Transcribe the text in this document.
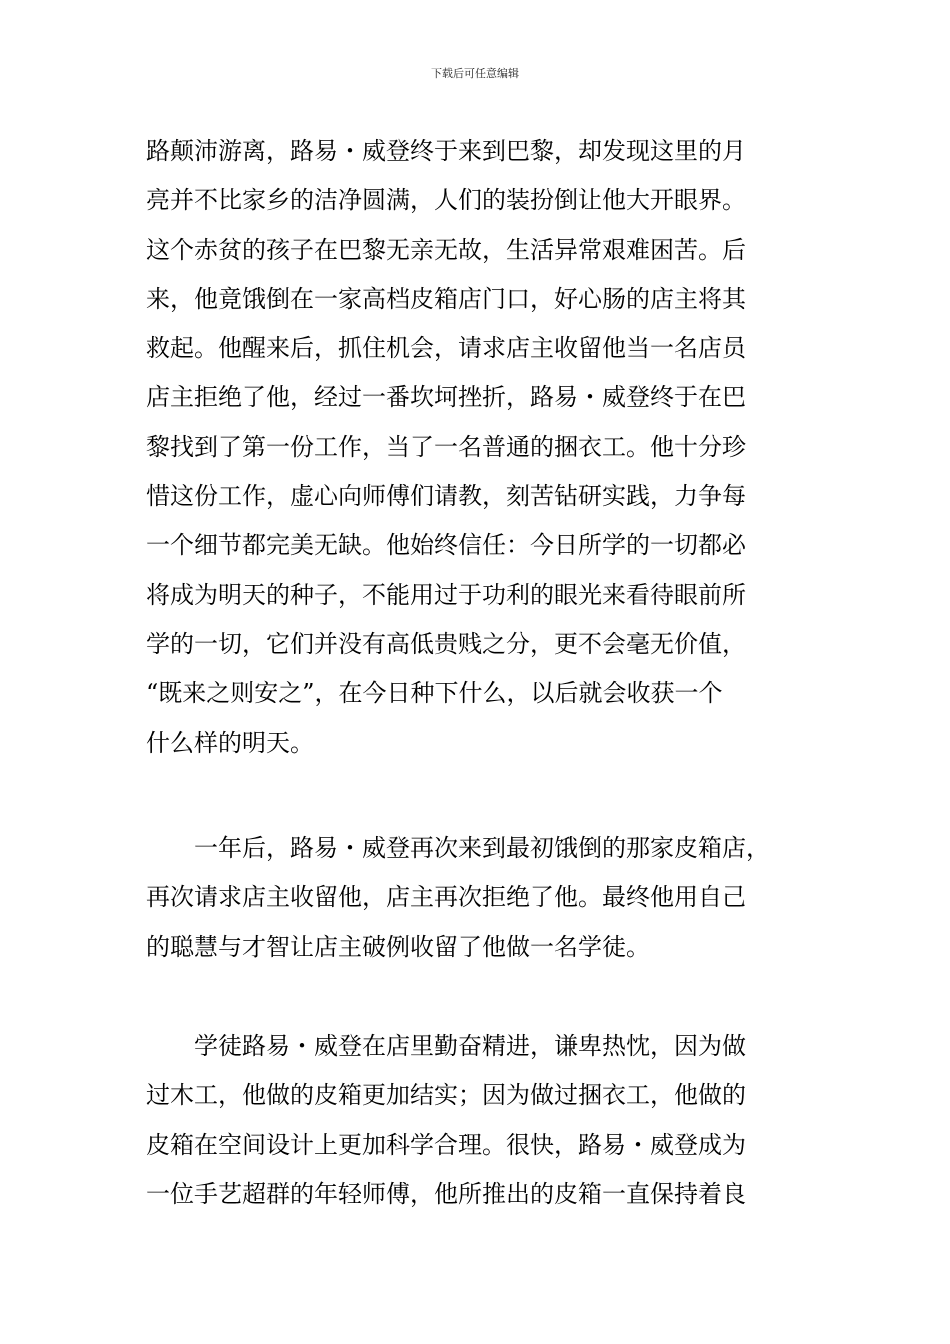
下载后可任意编辑
路颠沛游离，路易・威登终于来到巴黎，却发现这里的月
亮并不比家乡的洁净圆满，人们的装扮倒让他大开眼界。
这个赤贫的孩子在巴黎无亲无故，生活异常艰难困苦。后
来，他竟饿倒在一家高档皮箱店门口，好心肠的店主将其
救起。他醒来后，抓住机会，请求店主收留他当一名店员
店主拒绝了他，经过一番坎坷挫折，路易・威登终于在巴
黎找到了第一份工作，当了一名普通的捆衣工。他十分珍
惜这份工作，虚心向师傅们请教，刻苦钻研实践，力争每
一个细节都完美无缺。他始终信任：今日所学的一切都必
将成为明天的种子，不能用过于功利的眼光来看待眼前所
学的一切，它们并没有高低贵贱之分，更不会毫无价值，
“既来之则安之”，在今日种下什么，以后就会收获一个
什么样的明天。
　　一年后，路易・威登再次来到最初饿倒的那家皮箱店，
再次请求店主收留他，店主再次拒绝了他。最终他用自己
的聪慧与才智让店主破例收留了他做一名学徒。
　　学徒路易・威登在店里勤奋精进，谦卑热忱，因为做
过木工，他做的皮箱更加结实；因为做过捆衣工，他做的
皮箱在空间设计上更加科学合理。很快，路易・威登成为
一位手艺超群的年轻师傅，他所推出的皮箱一直保持着良
